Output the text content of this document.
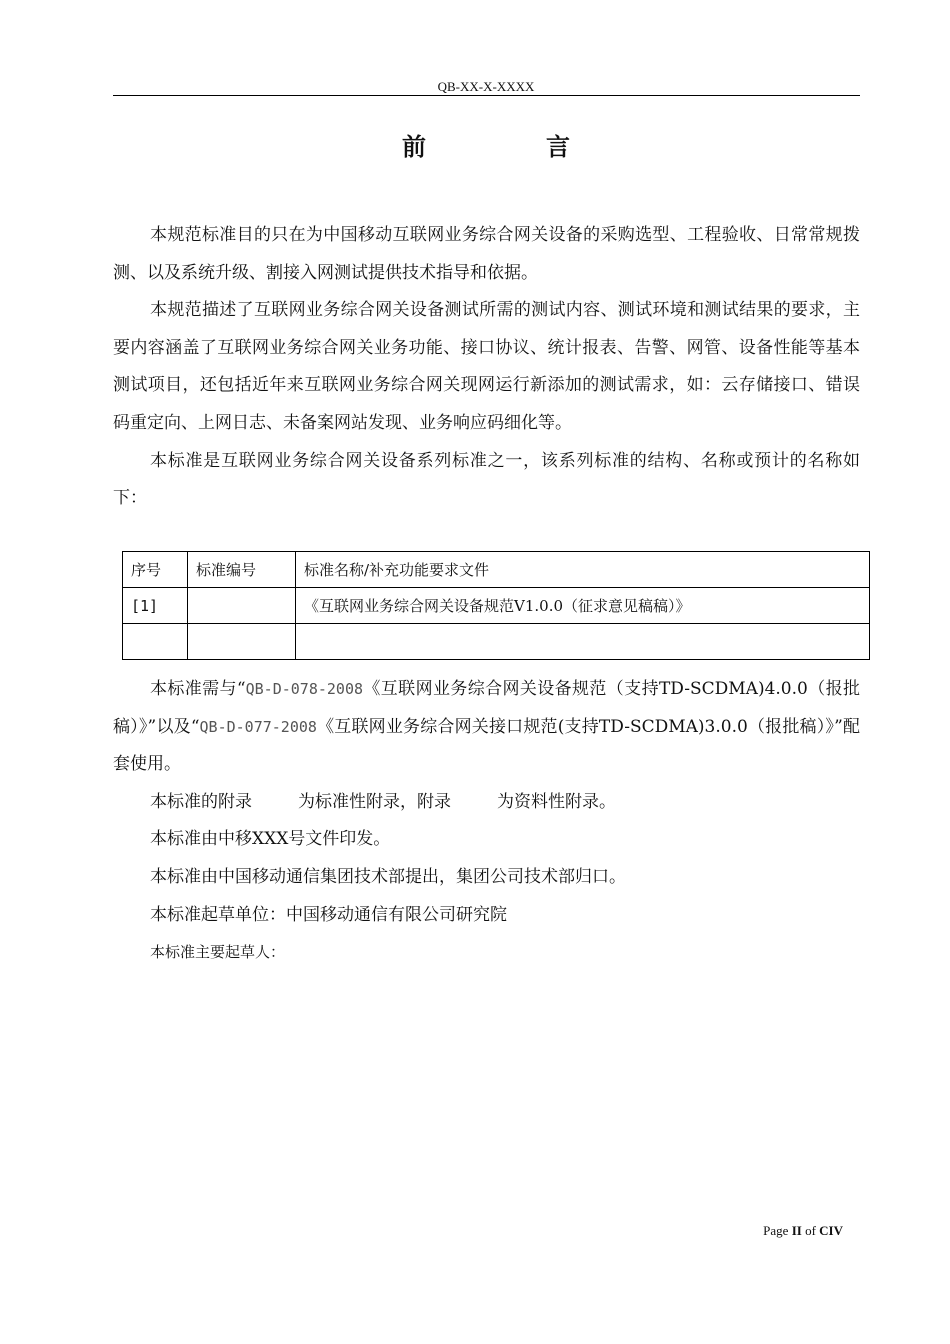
QB-XX-X-XXXX
前　言

本规范标准目的只在为中国移动互联网业务综合网关设备的采购选型、工程验收、日常常规拨测、以及系统升级、割接入网测试提供技术指导和依据。

本规范描述了互联网业务综合网关设备测试所需的测试内容、测试环境和测试结果的要求，主要内容涵盖了互联网业务综合网关业务功能、接口协议、统计报表、告警、网管、设备性能等基本测试项目，还包括近年来互联网业务综合网关现网运行新添加的测试需求，如：云存储接口、错误码重定向、上网日志、未备案网站发现、业务响应码细化等。

本标准是互联网业务综合网关设备系列标准之一，该系列标准的结构、名称或预计的名称如下：

序号	标准编号	标准名称/补充功能要求文件
[1]		《互联网业务综合网关设备规范V1.0.0（征求意见稿稿）》

本标准需与“QB-D-078-2008《互联网业务综合网关设备规范（支持TD-SCDMA)4.0.0（报批稿）》”以及“QB-D-077-2008《互联网业务综合网关接口规范(支持TD-SCDMA)3.0.0（报批稿）》”配套使用。

本标准的附录	为标准性附录，附录	为资料性附录。

本标准由中移XXX号文件印发。

本标准由中国移动通信集团技术部提出，集团公司技术部归口。

本标准起草单位：中国移动通信有限公司研究院

本标准主要起草人：

Page II of CIV
